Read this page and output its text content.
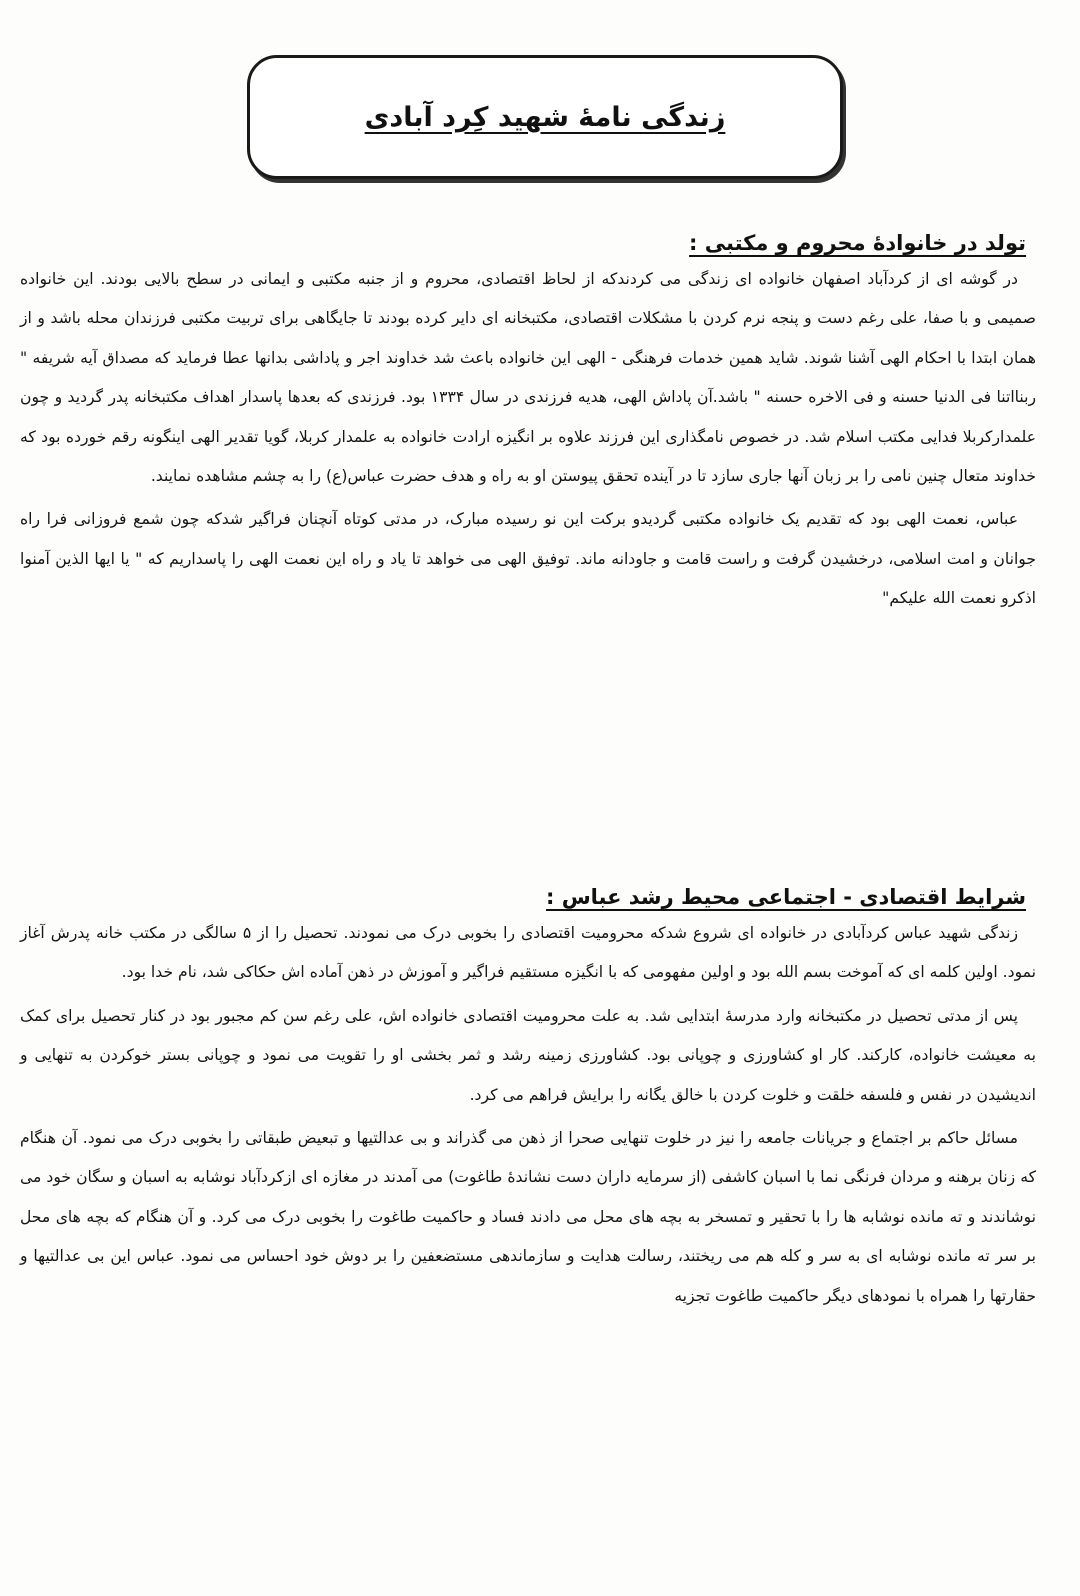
زندگی نامۀ شهید کِرد آبادی

تولد در خانوادۀ محروم و مکتبی :

در گوشه ای از کردآباد اصفهان خانواده ای زندگی می کردندکه از لحاظ اقتصادی، محروم و از جنبه مکتبی و ایمانی در سطح بالایی بودند. این خانواده صمیمی و با صفا، علی رغم دست و پنجه نرم کردن با مشکلات اقتصادی، مکتبخانه ای دایر کرده بودند تا جایگاهی برای تربیت مکتبی فرزندان محله باشد و از همان ابتدا با احکام الهی آشنا شوند. شاید همین خدمات فرهنگی - الهی این خانواده باعث شد خداوند اجر و پاداشی بدانها عطا فرماید که مصداق آیه شریفه " ربنااتنا فی الدنیا حسنه و فی الاخره حسنه " باشد.آن پاداش الهی، هدیه فرزندی در سال ۱۳۳۴ بود. فرزندی که بعدها پاسدار اهداف مکتبخانه پدر گردید و چون علمدارکربلا فدایی مکتب اسلام شد. در خصوص نامگذاری این فرزند علاوه بر انگیزه ارادت خانواده به علمدار کربلا، گویا تقدیر الهی اینگونه رقم خورده بود که خداوند متعال چنین نامی را بر زبان آنها جاری سازد تا در آینده تحقق پیوستن او به راه و هدف حضرت عباس(ع) را به چشم مشاهده نمایند.

عباس، نعمت الهی بود که تقدیم یک خانواده مکتبی گردیدو برکت این نو رسیده مبارک، در مدتی کوتاه آنچنان فراگیر شدکه چون شمع فروزانی فرا راه جوانان و امت اسلامی، درخشیدن گرفت و راست قامت و جاودانه ماند. توفیق الهی می خواهد تا یاد و راه این نعمت الهی را پاسداریم که " یا ایها الذین آمنوا اذکرو نعمت الله علیکم"

شرایط اقتصادی - اجتماعی محیط رشد عباس :

زندگی شهید عباس کردآبادی در خانواده ای شروع شدکه محرومیت اقتصادی را بخوبی درک می نمودند. تحصیل را از ۵ سالگی در مکتب خانه پدرش آغاز نمود. اولین کلمه ای که آموخت بسم الله بود و اولین مفهومی که با انگیزه مستقیم فراگیر و آموزش در ذهن آماده اش حکاکی شد، نام خدا بود.

پس از مدتی تحصیل در مکتبخانه وارد مدرسۀ ابتدایی شد. به علت محرومیت اقتصادی خانواده اش، علی رغم سن کم مجبور بود در کنار تحصیل برای کمک به معیشت خانواده، کارکند. کار او کشاورزی و چوپانی بود. کشاورزی زمینه رشد و ثمر بخشی او را تقویت می نمود و چوپانی بستر خوکردن به تنهایی و اندیشیدن در نفس و فلسفه خلقت و خلوت کردن با خالق یگانه را برایش فراهم می کرد.

مسائل حاکم بر اجتماع و جریانات جامعه را نیز در خلوت تنهایی صحرا از ذهن می گذراند و بی عدالتیها و تبعیض طبقاتی را بخوبی درک می نمود. آن هنگام که زنان برهنه و مردان فرنگی نما با اسبان کاشفی (از سرمایه داران دست نشاندۀ طاغوت) می آمدند در مغازه ای ازکردآباد نوشابه به اسبان و سگان خود می نوشاندند و ته مانده نوشابه ها را با تحقیر و تمسخر به بچه های محل می دادند فساد و حاکمیت طاغوت را بخوبی درک می کرد. و آن هنگام که بچه های محل بر سر ته مانده نوشابه ای به سر و کله هم می ریختند، رسالت هدایت و سازماندهی مستضعفین را بر دوش خود احساس می نمود. عباس این بی عدالتیها و حقارتها را همراه با نمودهای دیگر حاکمیت طاغوت تجزیه
